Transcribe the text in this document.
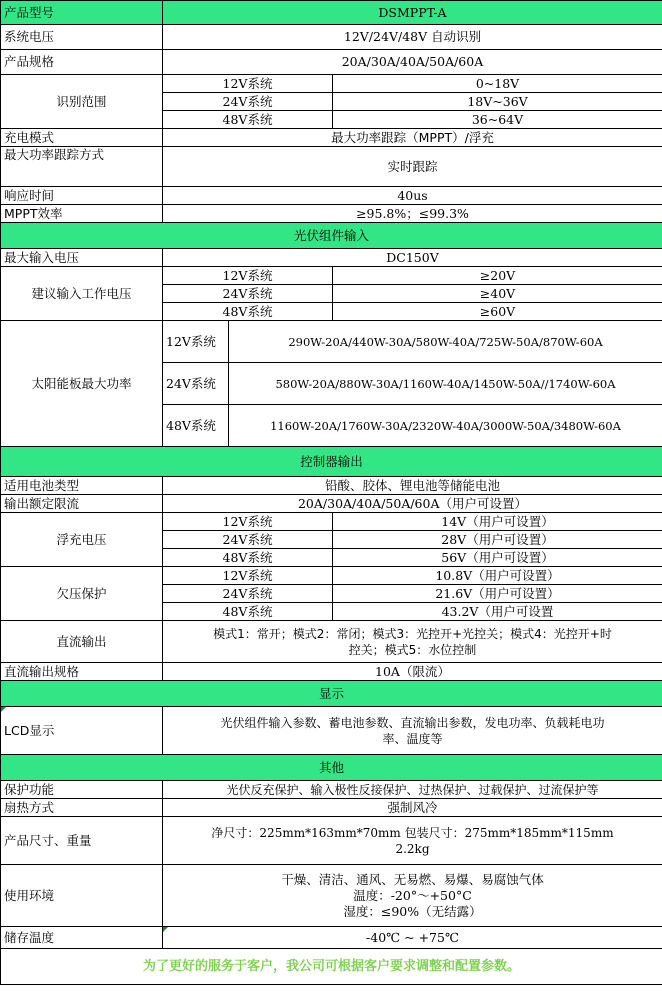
产品型号	DSMPPT-A		
系统电压	12V/24V/48V 自动识别		
产品规格	20A/30A/40A/50A/60A		
识别范围	12V系统		0~18V
	24V系统		18V~36V
	48V系统		36~64V
充电模式	最大功率跟踪（MPPT）/浮充		
最大功率跟踪方式	实时跟踪		
响应时间	40us		
MPPT效率	≥95.8%；≤99.3%		
光伏组件输入			
最大输入电压	DC150V		
建议输入工作电压	12V系统		≥20V
	24V系统		≥40V
	48V系统		≥60V
太阳能板最大功率	12V系统	290W-20A/440W-30A/580W-40A/725W-50A/870W-60A	
	24V系统	580W-20A/880W-30A/1160W-40A/1450W-50A//1740W-60A	
	48V系统	1160W-20A/1760W-30A/2320W-40A/3000W-50A/3480W-60A	
控制器输出			
适用电池类型	铅酸、胶体、锂电池等储能电池		
输出额定限流	20A/30A/40A/50A/60A（用户可设置）		
浮充电压	12V系统		14V（用户可设置）
	24V系统		28V（用户可设置）
	48V系统		56V（用户可设置）
欠压保护	12V系统		10.8V（用户可设置）
	24V系统		21.6V（用户可设置）
	48V系统		43.2V（用户可设置
直流输出	模式1：常开；模式2：常闭；模式3：光控开+光控关；模式4：光控开+时
控关；模式5：水位控制		

直流输出规格	10A（限流）		
显示			
LCD显示	光伏组件输入参数、蓄电池参数、直流输出参数，发电功率、负载耗电功
率、温度等		

其他			
保护功能	光伏反充保护、输入极性反接保护、过热保护、过载保护、过流保护等		
扇热方式	强制风冷		
产品尺寸、重量	净尺寸：225mm*163mm*70mm 包装尺寸：275mm*185mm*115mm
2.2kg		

使用环境	干燥、清洁、通风、无易燃、易爆、易腐蚀气体
温度：-20°～+50°C
湿度：≤90%（无结露）		

储存温度	-40℃ ~ +75℃		
为了更好的服务于客户，我公司可根据客户要求调整和配置参数。			
